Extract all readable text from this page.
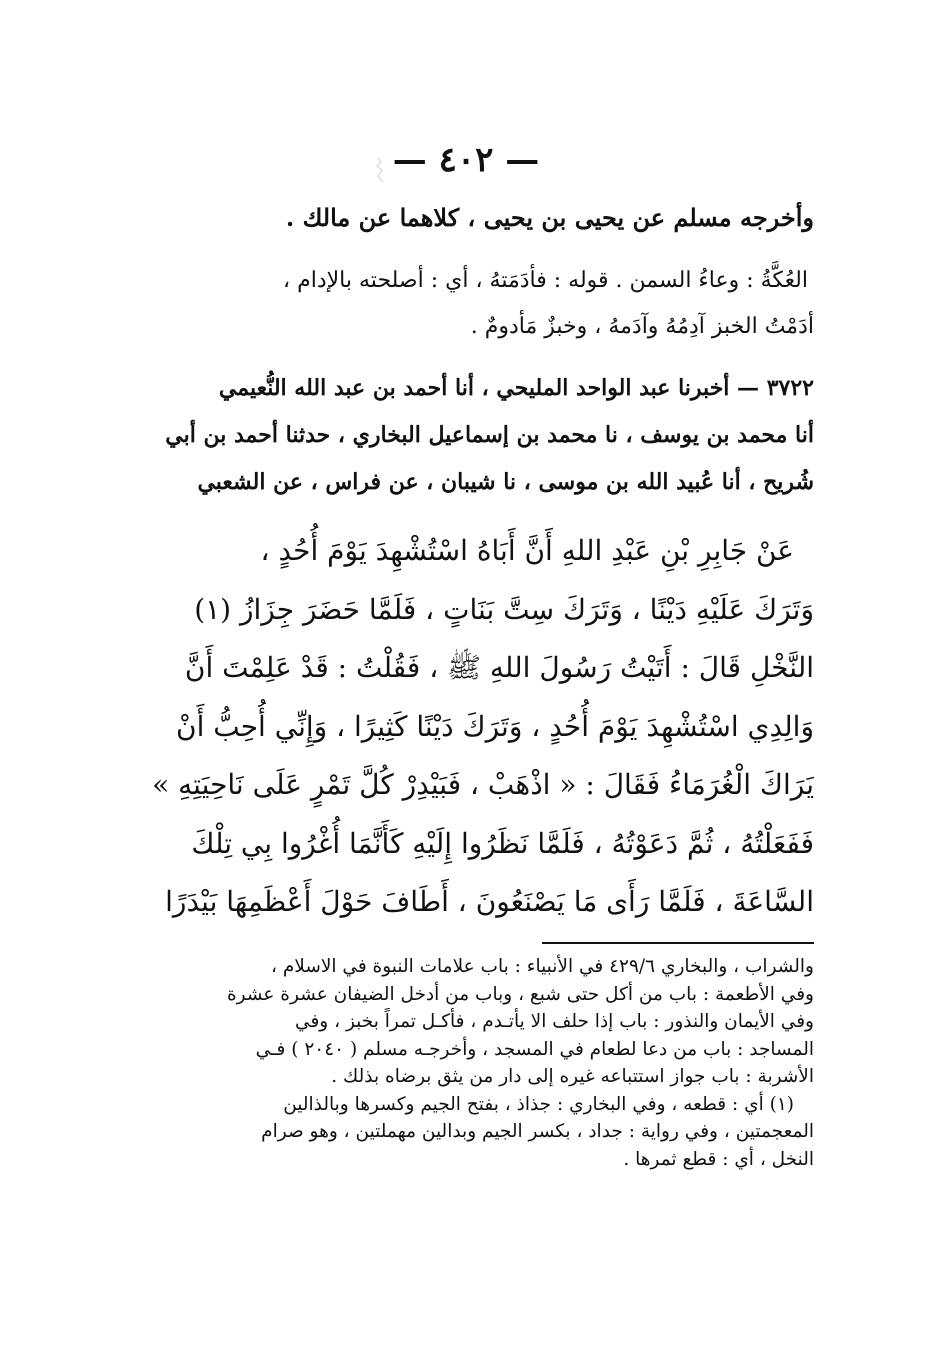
— ٤٠٢ —
وأخرجه مسلم عن يحيى بن يحيى ، كلاهما عن مالك .
العُكَّةُ : وعاءُ السمن . قوله : فأدَمَتهُ ، أي : أصلحته بالإدام ،
أدَمْتُ الخبز آدِمُهُ وآدَمهُ ، وخبزٌ مَأدومٌ .
٣٧٢٢ — أخبرنا عبد الواحد المليحي ، أنا أحمد بن عبد الله النُّعيمي
أنا محمد بن يوسف ، نا محمد بن إسماعيل البخاري ، حدثنا أحمد بن أبي
شُريح ، أنا عُبيد الله بن موسى ، نا شيبان ، عن فراس ، عن الشعبي
عَنْ جَابِرِ بْنِ عَبْدِ اللهِ أَنَّ أَبَاهُ اسْتُشْهِدَ يَوْمَ أُحُدٍ ،
وَتَرَكَ عَلَيْهِ دَيْنًا ، وَتَرَكَ سِتَّ بَنَاتٍ ، فَلَمَّا حَضَرَ جِزَازُ (١)
النَّخْلِ قَالَ : أَتَيْتُ رَسُولَ اللهِ ﷺ ، فَقُلْتُ : قَدْ عَلِمْتَ أَنَّ
وَالِدِي اسْتُشْهِدَ يَوْمَ أُحُدٍ ، وَتَرَكَ دَيْنًا كَثِيرًا ، وَإِنِّي أُحِبُّ أَنْ
يَرَاكَ الْغُرَمَاءُ فَقَالَ : « اذْهَبْ ، فَبَيْدِرْ كُلَّ تَمْرٍ عَلَى نَاحِيَتِهِ »
فَفَعَلْتُهُ ، ثُمَّ دَعَوْتُهُ ، فَلَمَّا نَظَرُوا إِلَيْهِ كَأَنَّمَا أُغْرُوا بِي تِلْكَ
السَّاعَةَ ، فَلَمَّا رَأَى مَا يَصْنَعُونَ ، أَطَافَ حَوْلَ أَعْظَمِهَا بَيْدَرًا
والشراب ، والبخاري ٤٢٩/٦ في الأنبياء : باب علامات النبوة في الاسلام ،
وفي الأطعمة : باب من أكل حتى شبع ، وباب من أدخل الضيفان عشرة عشرة
وفي الأيمان والنذور : باب إذا حلف الا يأتـدم ، فأكـل تمراً بخبز ، وفي
المساجد : باب من دعا لطعام في المسجد ، وأخرجـه مسلم ( ٢٠٤٠ ) فـي
الأشربة : باب جواز استتباعه غيره إلى دار من يثق برضاه بذلك .
(١) أي : قطعه ، وفي البخاري : جذاذ ، بفتح الجيم وكسرها وبالذالين
المعجمتين ، وفي رواية : جداد ، بكسر الجيم وبدالين مهملتين ، وهو صرام
النخل ، أي : قطع ثمرها .
